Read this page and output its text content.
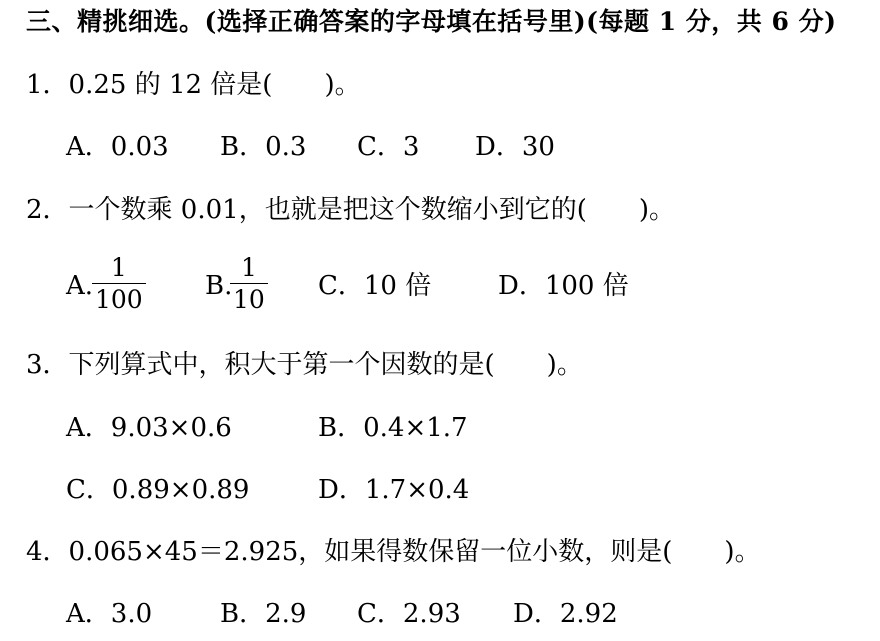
三、精挑细选。(选择正确答案的字母填在括号里)(每题 1 分，共 6 分)
1．0.25 的 12 倍是(　　)。
A．0.03 B．0.3 C．3 D．30
2．一个数乘 0.01，也就是把这个数缩小到它的(　　)。
A.
1
100 B.
1
10 C．10 倍	D．100 倍
3．下列算式中，积大于第一个因数的是(　　)。
A．9.03×0.6	B．0.4×1.7
C．0.89×0.89	D．1.7×0.4
4．0.065×45＝2.925，如果得数保留一位小数，则是(　　)。
A．3.0	B．2.9 C．2.93 D．2.92
